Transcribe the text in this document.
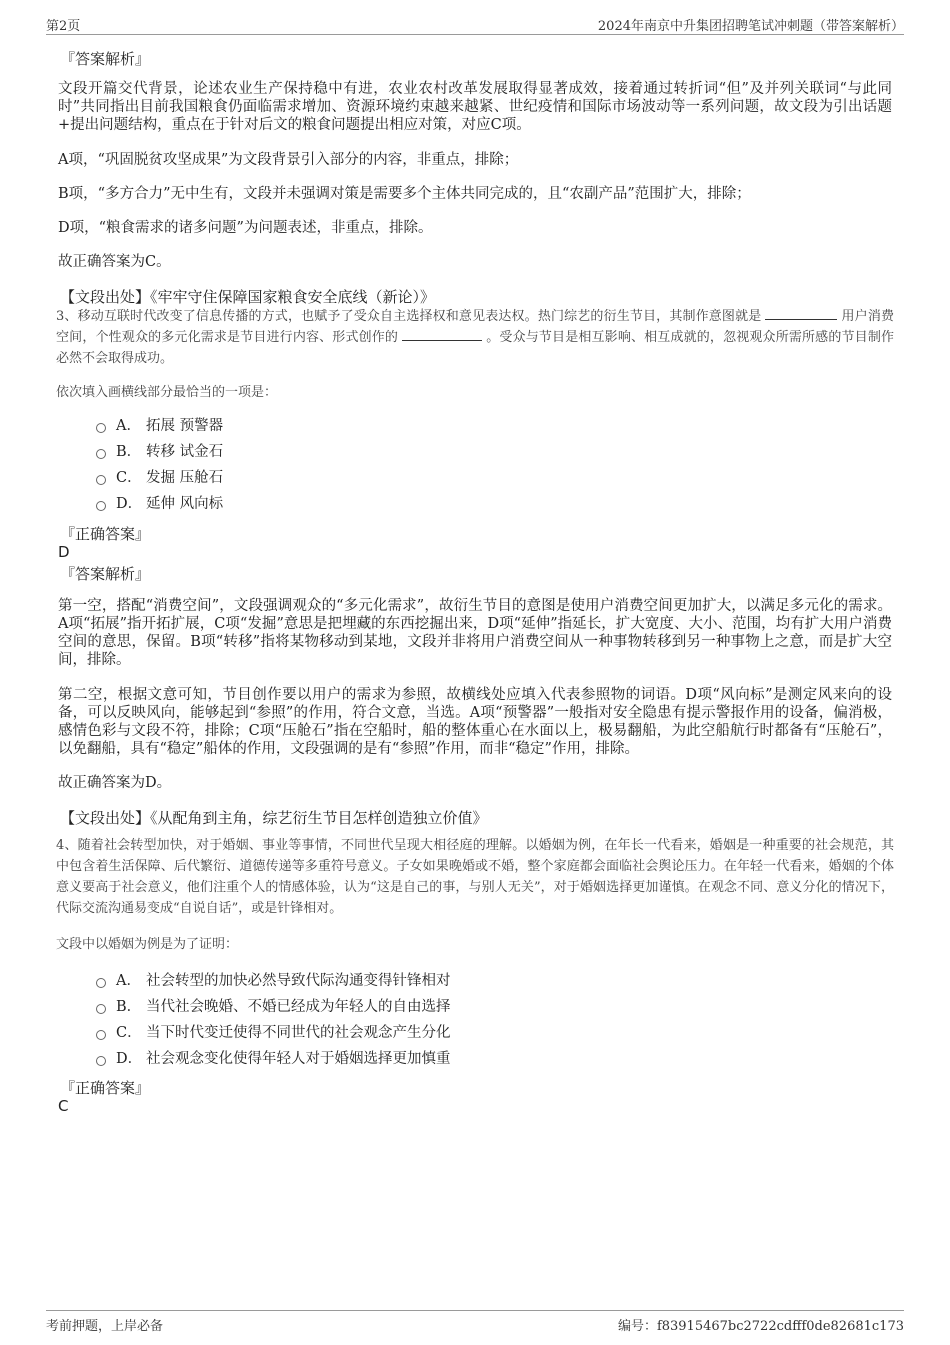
第2页	2024年南京中升集团招聘笔试冲刺题（带答案解析）
『答案解析』
文段开篇交代背景，论述农业生产保持稳中有进，农业农村改革发展取得显著成效，接着通过转折词“但”及并列关联词“与此同时”共同指出目前我国粮食仍面临需求增加、资源环境约束越来越紧、世纪疫情和国际市场波动等一系列问题，故文段为引出话题+提出问题结构，重点在于针对后文的粮食问题提出相应对策，对应C项。
A项，“巩固脱贫攻坚成果”为文段背景引入部分的内容，非重点，排除；
B项，“多方合力”无中生有，文段并未强调对策是需要多个主体共同完成的，且“农副产品”范围扩大，排除；
D项，“粮食需求的诸多问题”为问题表述，非重点，排除。
故正确答案为C。
【文段出处】《牢牢守住保障国家粮食安全底线（新论）》
3、移动互联时代改变了信息传播的方式，也赋予了受众自主选择权和意见表达权。热门综艺的衍生节目，其制作意图就是	用户消费空间，个性观众的多元化需求是节目进行内容、形式创作的	。受众与节目是相互影响、相互成就的，忽视观众所需所感的节目制作必然不会取得成功。
依次填入画横线部分最恰当的一项是：
A． 拓展 预警器
B． 转移 试金石
C． 发掘 压舱石
D． 延伸 风向标
『正确答案』
D
『答案解析』
第一空，搭配“消费空间”，文段强调观众的“多元化需求”，故衍生节目的意图是使用户消费空间更加扩大，以满足多元化的需求。A项“拓展”指开拓扩展，C项“发掘”意思是把埋藏的东西挖掘出来，D项“延伸”指延长，扩大宽度、大小、范围，均有扩大用户消费空间的意思，保留。B项“转移”指将某物移动到某地，文段并非将用户消费空间从一种事物转移到另一种事物上之意，而是扩大空间，排除。
第二空，根据文意可知，节目创作要以用户的需求为参照，故横线处应填入代表参照物的词语。D项“风向标”是测定风来向的设备，可以反映风向，能够起到“参照”的作用，符合文意，当选。A项“预警器”一般指对安全隐患有提示警报作用的设备，偏消极，感情色彩与文段不符，排除；C项“压舱石”指在空船时，船的整体重心在水面以上，极易翻船，为此空船航行时都备有“压舱石”，以免翻船，具有“稳定”船体的作用，文段强调的是有“参照”作用，而非“稳定”作用，排除。
故正确答案为D。
【文段出处】《从配角到主角，综艺衍生节目怎样创造独立价值》
4、随着社会转型加快，对于婚姻、事业等事情，不同世代呈现大相径庭的理解。以婚姻为例，在年长一代看来，婚姻是一种重要的社会规范，其中包含着生活保障、后代繁衍、道德传递等多重符号意义。子女如果晚婚或不婚，整个家庭都会面临社会舆论压力。在年轻一代看来，婚姻的个体意义要高于社会意义，他们注重个人的情感体验，认为“这是自己的事，与别人无关”，对于婚姻选择更加谨慎。在观念不同、意义分化的情况下，代际交流沟通易变成“自说自话”，或是针锋相对。
文段中以婚姻为例是为了证明：
A． 社会转型的加快必然导致代际沟通变得针锋相对
B． 当代社会晚婚、不婚已经成为年轻人的自由选择
C． 当下时代变迁使得不同世代的社会观念产生分化
D． 社会观念变化使得年轻人对于婚姻选择更加慎重
『正确答案』
C
考前押题，上岸必备	编号：f83915467bc2722cdfff0de82681c173
